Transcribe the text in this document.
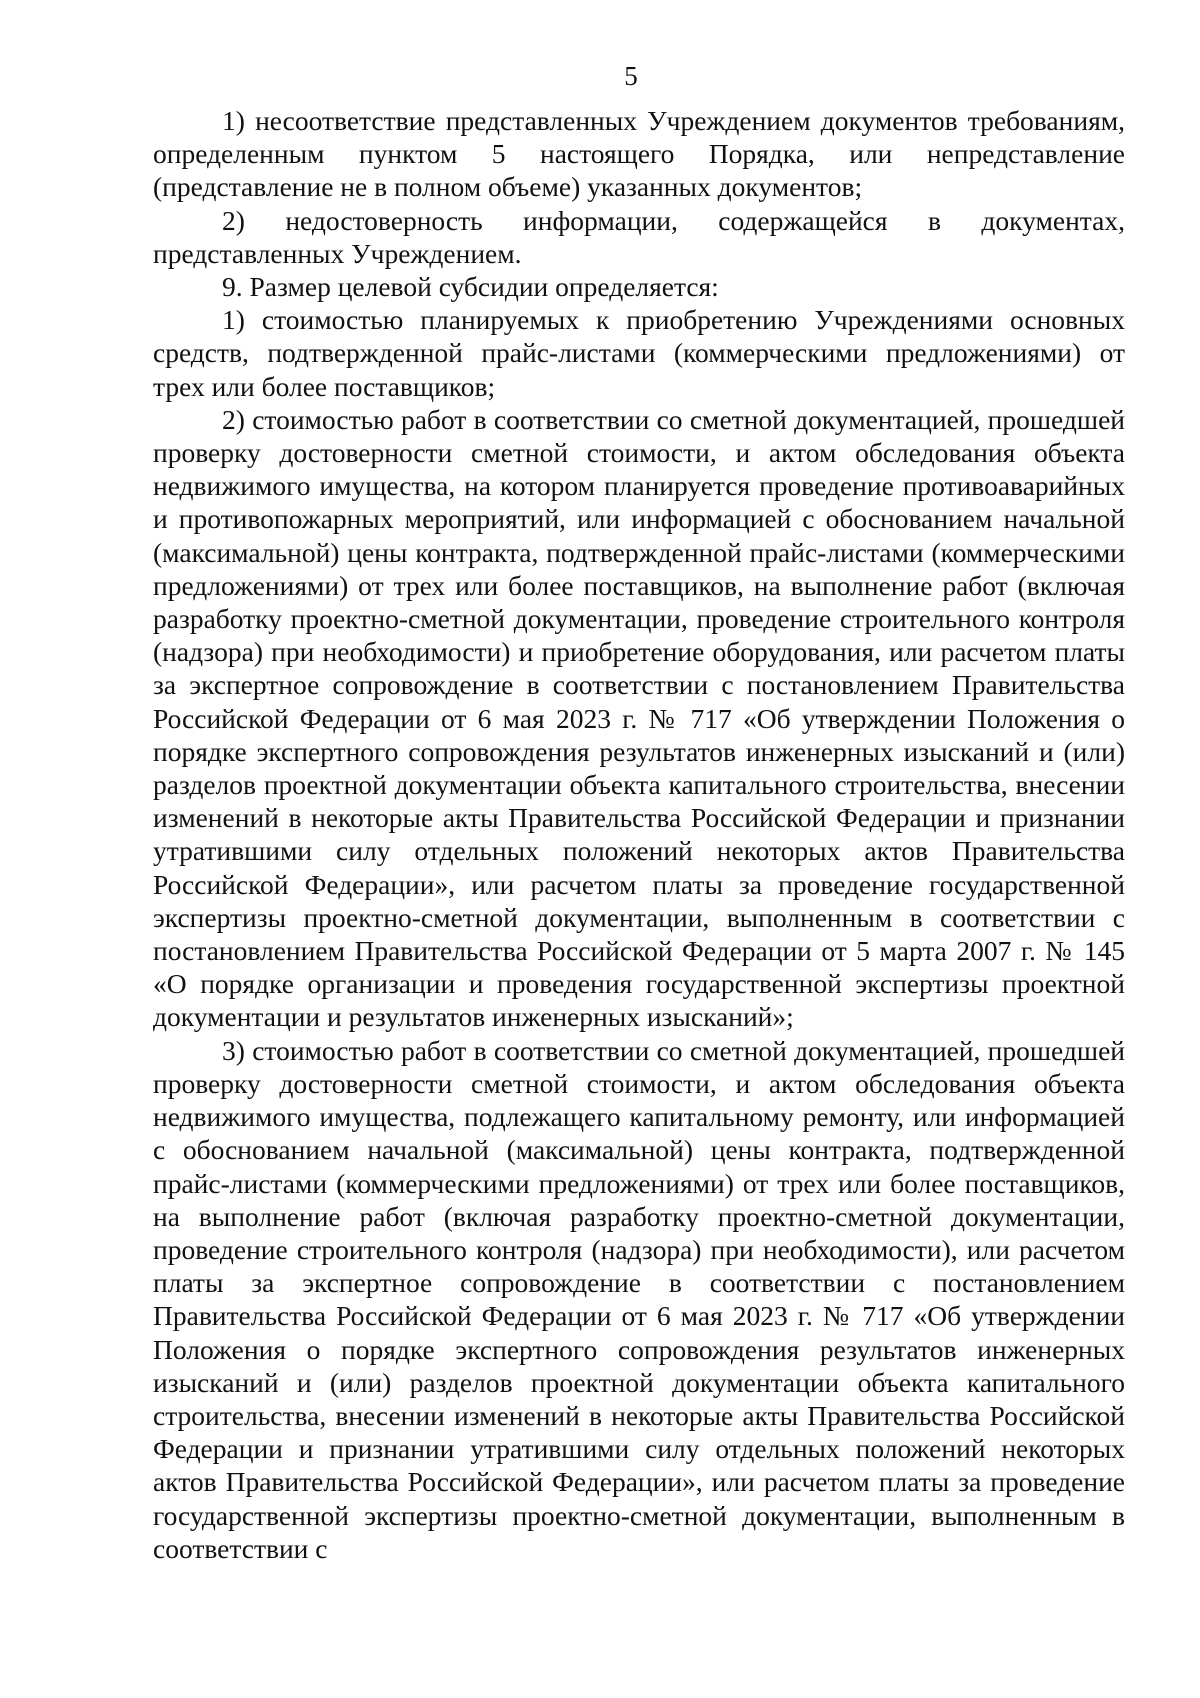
5

1) несоответствие представленных Учреждением документов требованиям, определенным пунктом 5 настоящего Порядка, или непредставление (представление не в полном объеме) указанных документов;

2) недостоверность информации, содержащейся в документах, представленных Учреждением.

9. Размер целевой субсидии определяется:

1) стоимостью планируемых к приобретению Учреждениями основных средств, подтвержденной прайс-листами (коммерческими предложениями) от трех или более поставщиков;

2) стоимостью работ в соответствии со сметной документацией, прошедшей проверку достоверности сметной стоимости, и актом обследования объекта недвижимого имущества, на котором планируется проведение противоаварийных и противопожарных мероприятий, или информацией с обоснованием начальной (максимальной) цены контракта, подтвержденной прайс-листами (коммерческими предложениями) от трех или более поставщиков, на выполнение работ (включая разработку проектно-сметной документации, проведение строительного контроля (надзора) при необходимости) и приобретение оборудования, или расчетом платы за экспертное сопровождение в соответствии с постановлением Правительства Российской Федерации от 6 мая 2023 г. № 717 «Об утверждении Положения о порядке экспертного сопровождения результатов инженерных изысканий и (или) разделов проектной документации объекта капитального строительства, внесении изменений в некоторые акты Правительства Российской Федерации и признании утратившими силу отдельных положений некоторых актов Правительства Российской Федерации», или расчетом платы за проведение государственной экспертизы проектно-сметной документации, выполненным в соответствии с постановлением Правительства Российской Федерации от 5 марта 2007 г. № 145 «О порядке организации и проведения государственной экспертизы проектной документации и результатов инженерных изысканий»;

3) стоимостью работ в соответствии со сметной документацией, прошедшей проверку достоверности сметной стоимости, и актом обследования объекта недвижимого имущества, подлежащего капитальному ремонту, или информацией с обоснованием начальной (максимальной) цены контракта, подтвержденной прайс-листами (коммерческими предложениями) от трех или более поставщиков, на выполнение работ (включая разработку проектно-сметной документации, проведение строительного контроля (надзора) при необходимости), или расчетом платы за экспертное сопровождение в соответствии с постановлением Правительства Российской Федерации от 6 мая 2023 г. № 717 «Об утверждении Положения о порядке экспертного сопровождения результатов инженерных изысканий и (или) разделов проектной документации объекта капитального строительства, внесении изменений в некоторые акты Правительства Российской Федерации и признании утратившими силу отдельных положений некоторых актов Правительства Российской Федерации», или расчетом платы за проведение государственной экспертизы проектно-сметной документации, выполненным в соответствии с
